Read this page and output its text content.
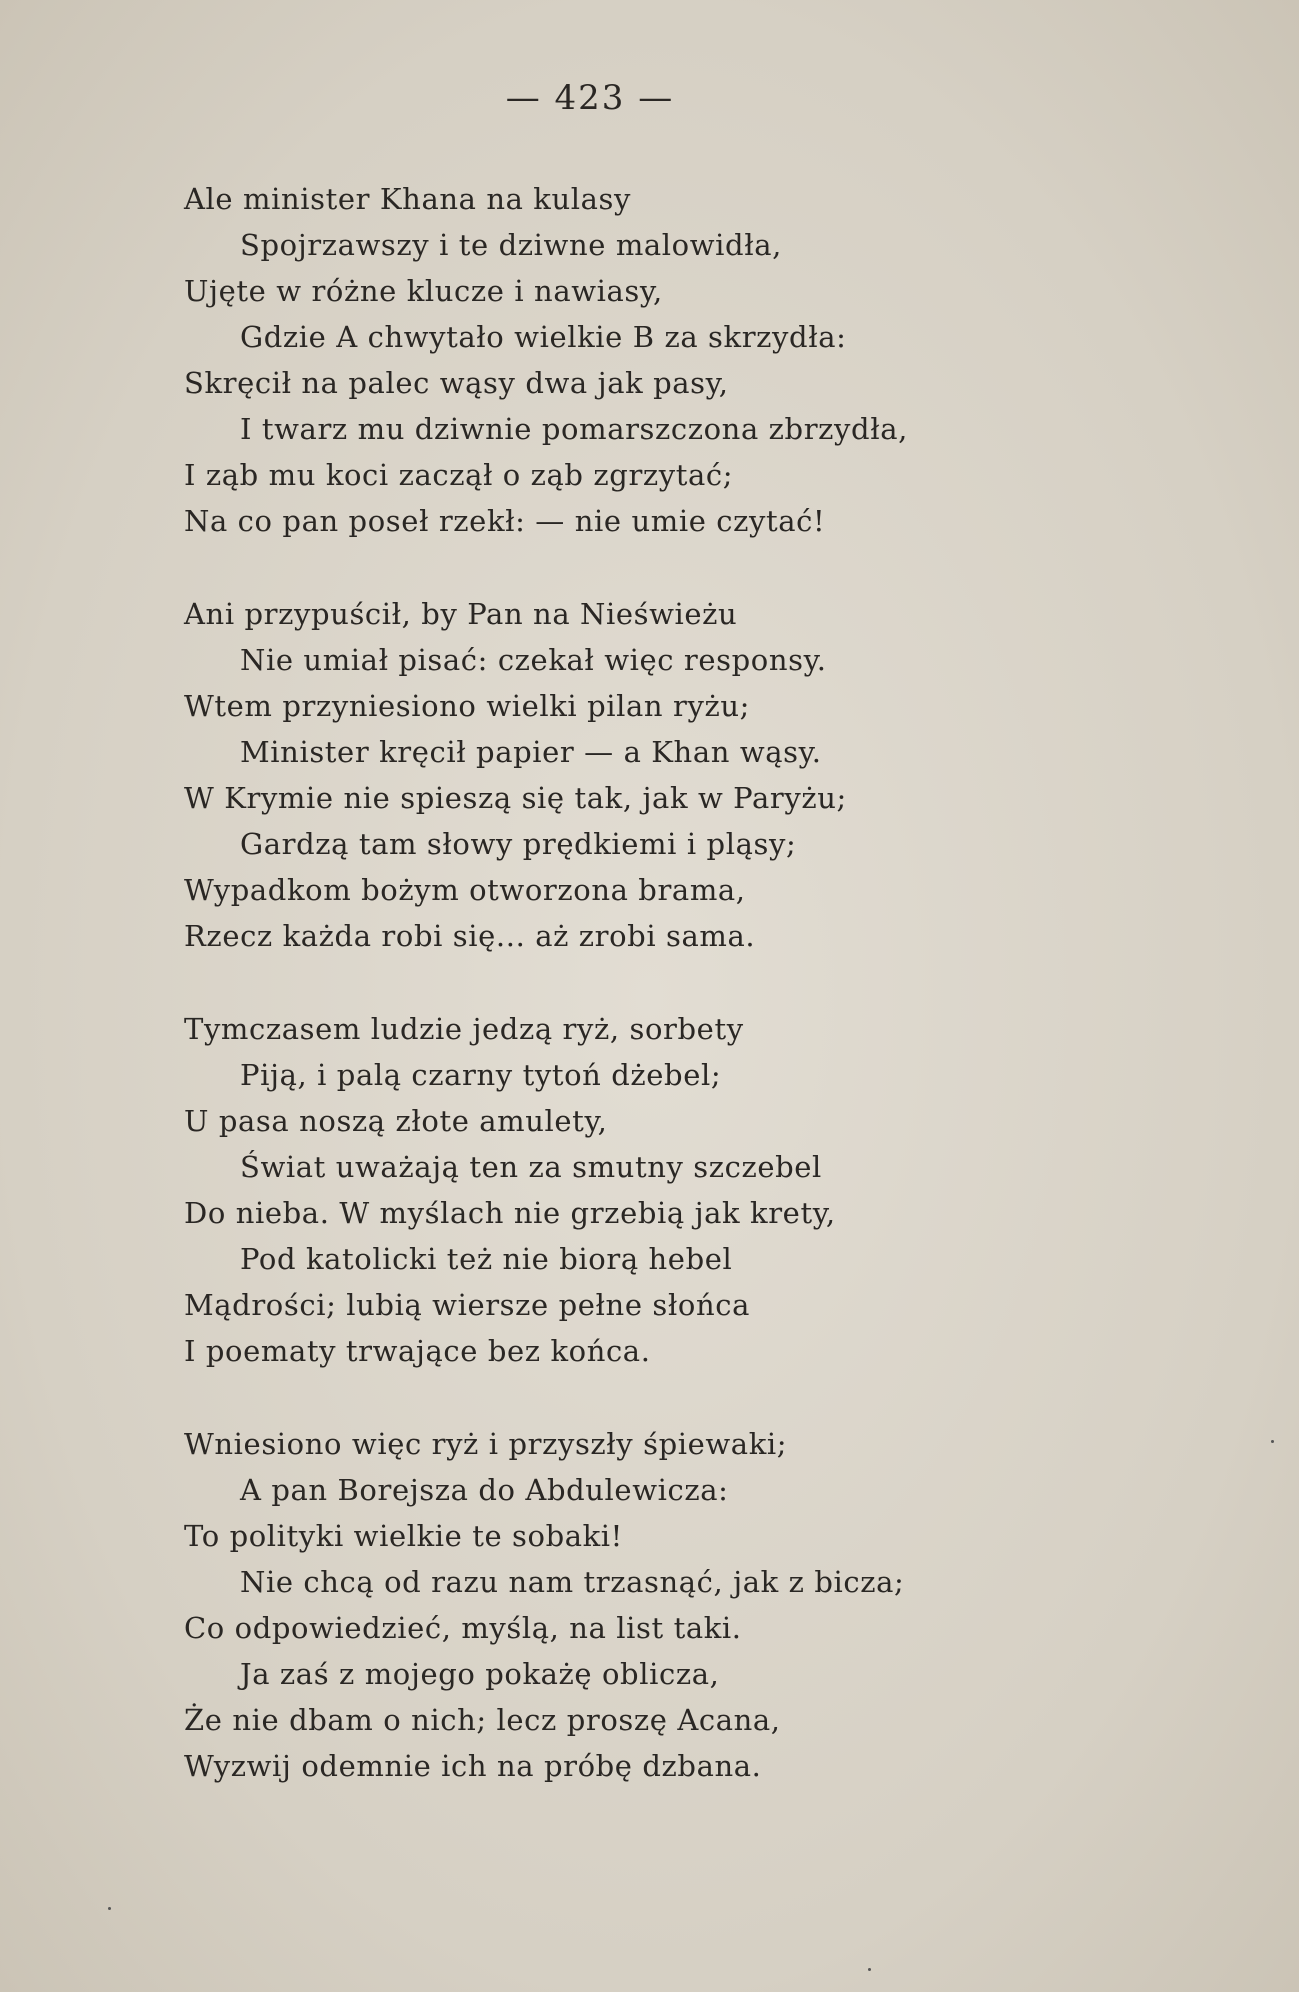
— 423 —
Ale minister Khana na kulasy
Spojrzawszy i te dziwne malowidła,
Ujęte w różne klucze i nawiasy,
Gdzie A chwytało wielkie B za skrzydła:
Skręcił na palec wąsy dwa jak pasy,
I twarz mu dziwnie pomarszczona zbrzydła,
I ząb mu koci zaczął o ząb zgrzytać;
Na co pan poseł rzekł: — nie umie czytać!
Ani przypuścił, by Pan na Nieświeżu
Nie umiał pisać: czekał więc responsy.
Wtem przyniesiono wielki pilan ryżu;
Minister kręcił papier — a Khan wąsy.
W Krymie nie spieszą się tak, jak w Paryżu;
Gardzą tam słowy prędkiemi i pląsy;
Wypadkom bożym otworzona brama,
Rzecz każda robi się... aż zrobi sama.
Tymczasem ludzie jedzą ryż, sorbety
Piją, i palą czarny tytoń dżebel;
U pasa noszą złote amulety,
Świat uważają ten za smutny szczebel
Do nieba. W myślach nie grzebią jak krety,
Pod katolicki też nie biorą hebel
Mądrości; lubią wiersze pełne słońca
I poematy trwające bez końca.
Wniesiono więc ryż i przyszły śpiewaki;
A pan Borejsza do Abdulewicza:
To polityki wielkie te sobaki!
Nie chcą od razu nam trzasnąć, jak z bicza;
Co odpowiedzieć, myślą, na list taki.
Ja zaś z mojego pokażę oblicza,
Że nie dbam o nich; lecz proszę Acana,
Wyzwij odemnie ich na próbę dzbana.
